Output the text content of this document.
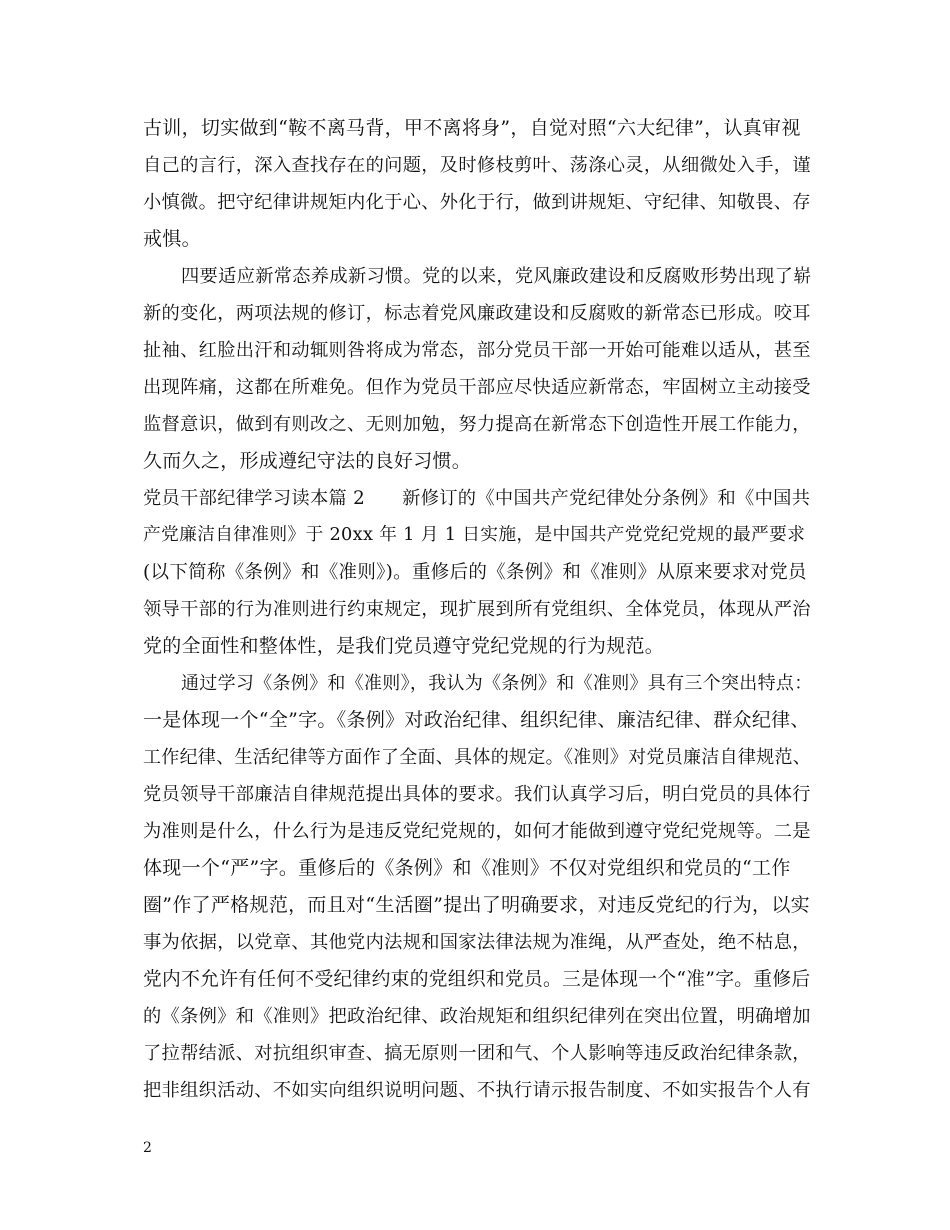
古训，切实做到“鞍不离马背，甲不离将身”，自觉对照“六大纪律”，认真审视
自己的言行，深入查找存在的问题，及时修枝剪叶、荡涤心灵，从细微处入手，谨
小慎微。把守纪律讲规矩内化于心、外化于行，做到讲规矩、守纪律、知敬畏、存
戒惧。
四要适应新常态养成新习惯。党的以来，党风廉政建设和反腐败形势出现了崭
新的变化，两项法规的修订，标志着党风廉政建设和反腐败的新常态已形成。咬耳
扯袖、红脸出汗和动辄则咎将成为常态，部分党员干部一开始可能难以适从，甚至
出现阵痛，这都在所难免。但作为党员干部应尽快适应新常态，牢固树立主动接受
监督意识，做到有则改之、无则加勉，努力提高在新常态下创造性开展工作能力，
久而久之，形成遵纪守法的良好习惯。
党员干部纪律学习读本篇 2　　新修订的《中国共产党纪律处分条例》和《中国共
产党廉洁自律准则》于 20xx 年 1 月 1 日实施，是中国共产党党纪党规的最严要求
(以下简称《条例》和《准则》)。重修后的《条例》和《准则》从原来要求对党员
领导干部的行为准则进行约束规定，现扩展到所有党组织、全体党员，体现从严治
党的全面性和整体性，是我们党员遵守党纪党规的行为规范。
通过学习《条例》和《准则》，我认为《条例》和《准则》具有三个突出特点：
一是体现一个“全”字。《条例》对政治纪律、组织纪律、廉洁纪律、群众纪律、
工作纪律、生活纪律等方面作了全面、具体的规定。《准则》对党员廉洁自律规范、
党员领导干部廉洁自律规范提出具体的要求。我们认真学习后，明白党员的具体行
为准则是什么，什么行为是违反党纪党规的，如何才能做到遵守党纪党规等。二是
体现一个“严”字。重修后的《条例》和《准则》不仅对党组织和党员的“工作
圈”作了严格规范，而且对“生活圈”提出了明确要求，对违反党纪的行为，以实
事为依据，以党章、其他党内法规和国家法律法规为准绳，从严查处，绝不枯息，
党内不允许有任何不受纪律约束的党组织和党员。三是体现一个“准”字。重修后
的《条例》和《准则》把政治纪律、政治规矩和组织纪律列在突出位置，明确增加
了拉帮结派、对抗组织审查、搞无原则一团和气、个人影响等违反政治纪律条款，
把非组织活动、不如实向组织说明问题、不执行请示报告制度、不如实报告个人有
2
